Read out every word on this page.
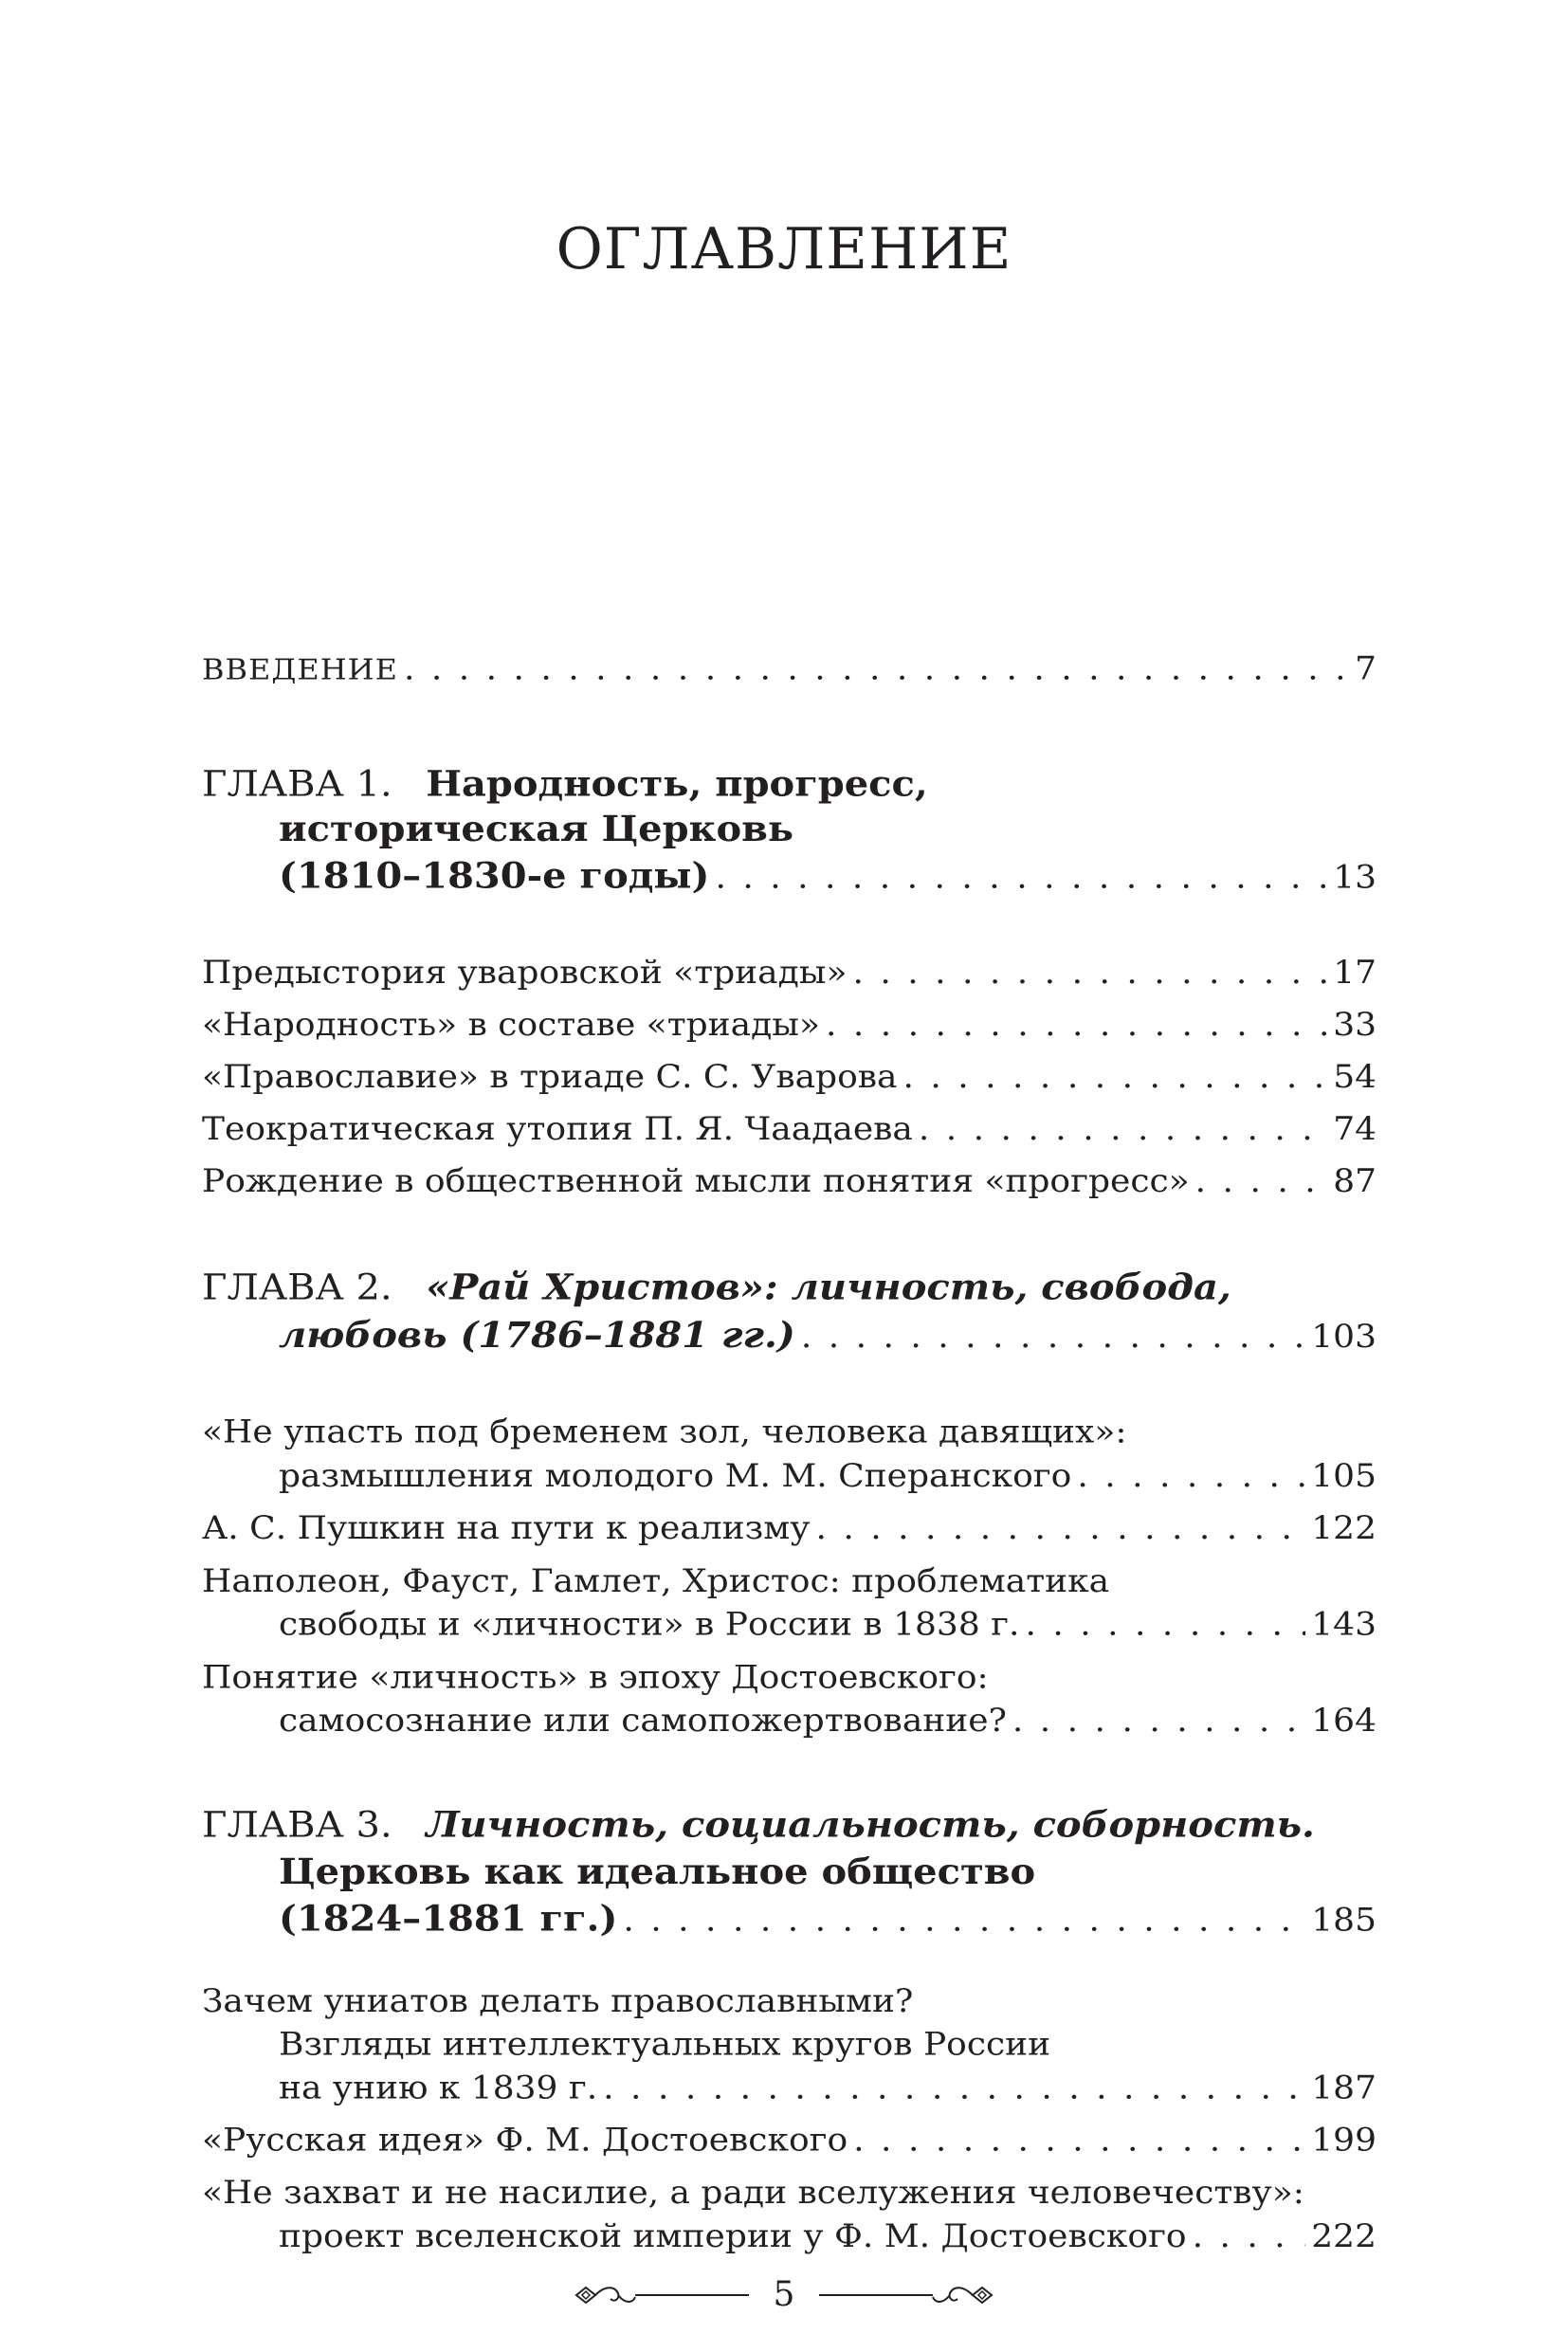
ОГЛАВЛЕНИЕ
ВВЕДЕНИЕ . . .	7
ГЛАВА 1. Народность, прогресс,
историческая Церковь
(1810–1830-е годы) . . .	13
Предыстория уваровской «триады» . . .	17
«Народность» в составе «триады» . . .	33
«Православие» в триаде С. С. Уварова . . .	54
Теократическая утопия П. Я. Чаадаева . . .	74
Рождение в общественной мысли понятия «прогресс» . . .	87
ГЛАВА 2. «Рай Христов»: личность, свобода,
любовь (1786–1881 гг.) . . .	103
«Не упасть под бременем зол, человека давящих»:
размышления молодого М. М. Сперанского . . .	105
А. С. Пушкин на пути к реализму . . .	122
Наполеон, Фауст, Гамлет, Христос: проблематика
свободы и «личности» в России в 1838 г. . . .	143
Понятие «личность» в эпоху Достоевского:
самосознание или самопожертвование? . . .	164
ГЛАВА 3. Личность, социальность, соборность.
Церковь как идеальное общество
(1824–1881 гг.) . . .	185
Зачем униатов делать православными?
Взгляды интеллектуальных кругов России
на унию к 1839 г. . . .	187
«Русская идея» Ф. М. Достоевского . . .	199
«Не захват и не насилие, а ради вселужения человечеству»:
проект вселенской империи у Ф. М. Достоевского . . .	222
5
